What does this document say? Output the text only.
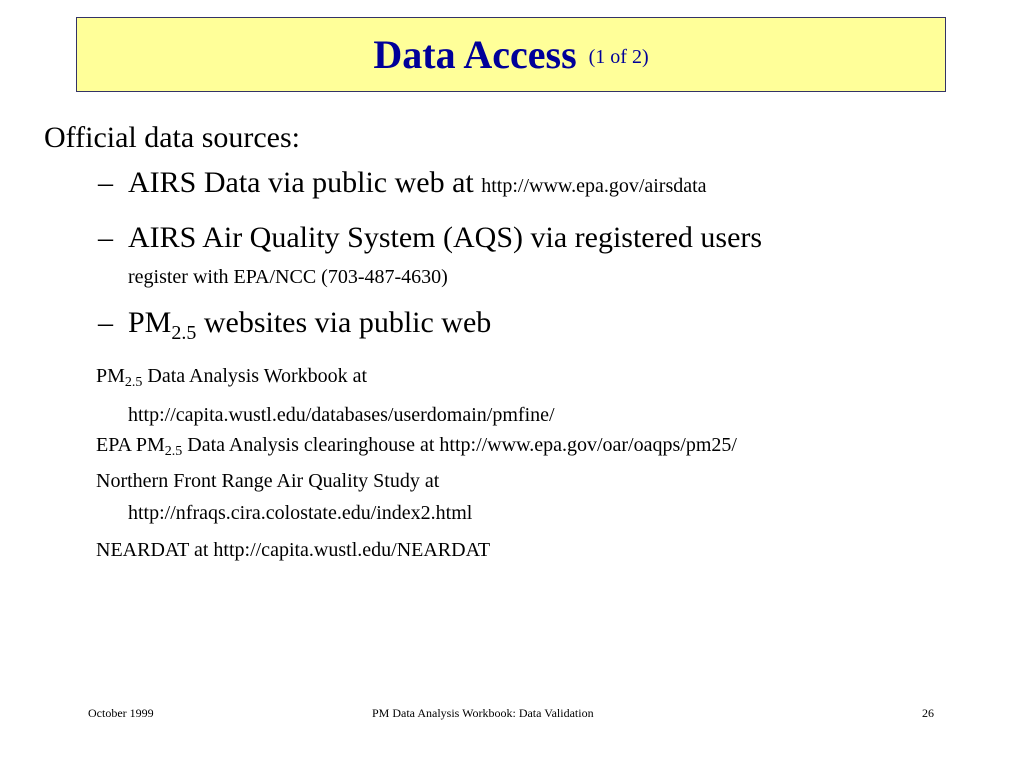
Data Access (1 of 2)
Official data sources:
– AIRS Data via public web at http://www.epa.gov/airsdata
– AIRS Air Quality System (AQS) via registered users
register with EPA/NCC (703-487-4630)
– $PM_{2.5}$ websites via public web
$PM_{2.5}$ Data Analysis Workbook at
http://capita.wustl.edu/databases/userdomain/pmfine/
EPA $PM_{2.5}$ Data Analysis clearinghouse at http://www.epa.gov/oar/oaqps/pm25/
Northern Front Range Air Quality Study at
http://nfraqs.cira.colostate.edu/index2.html
NEARDAT at http://capita.wustl.edu/NEARDAT
October 1999	PM Data Analysis Workbook: Data Validation	26
